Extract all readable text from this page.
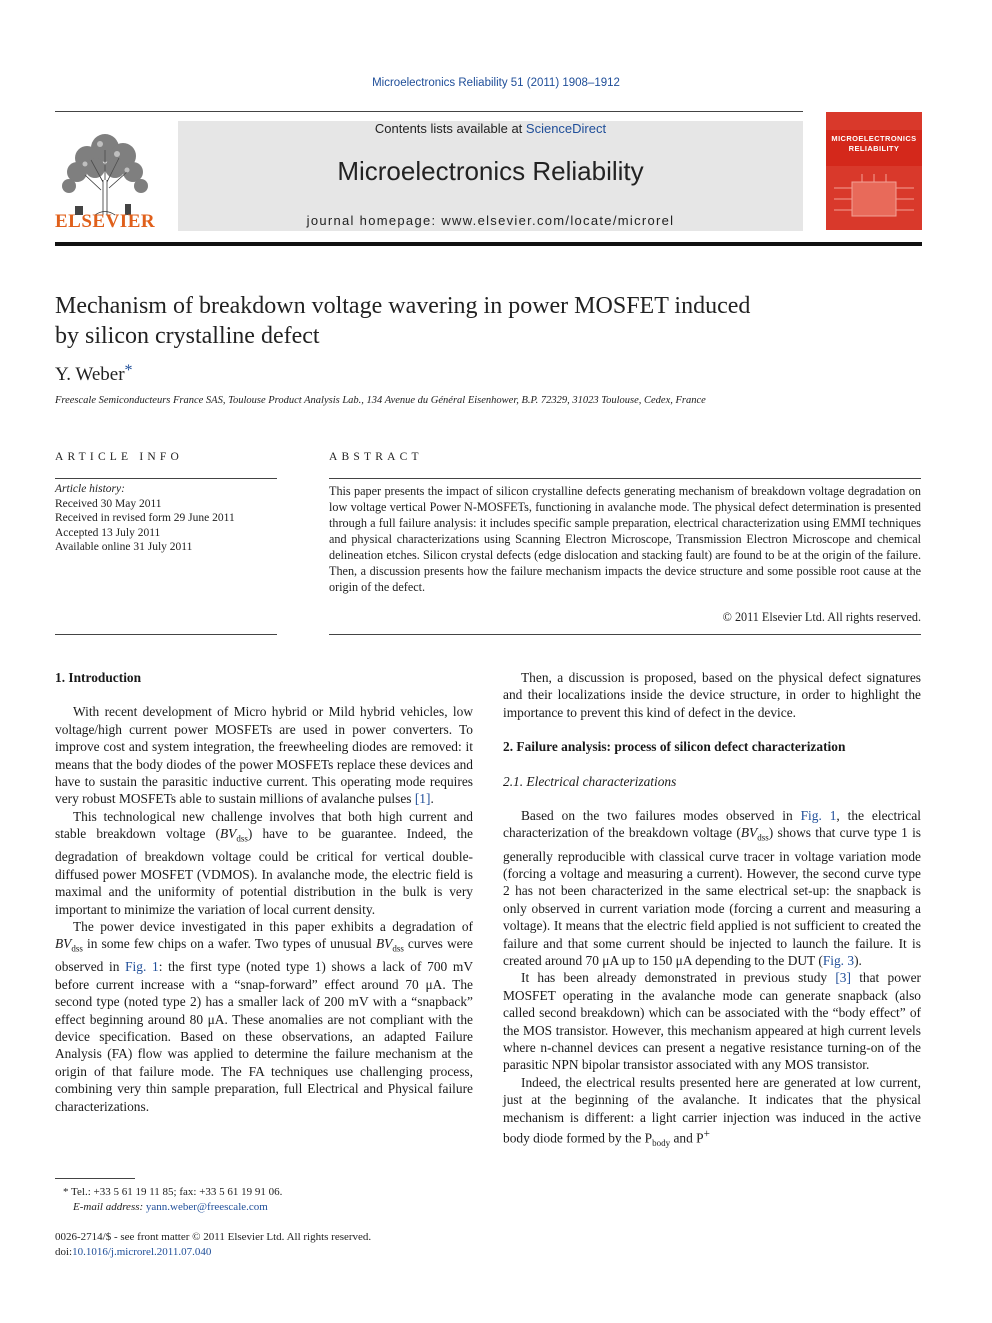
Microelectronics Reliability 51 (2011) 1908–1912
ELSEVIER
Contents lists available at ScienceDirect
Microelectronics Reliability
journal homepage: www.elsevier.com/locate/microrel
MICROELECTRONICS
RELIABILITY
Mechanism of breakdown voltage wavering in power MOSFET induced
by silicon crystalline defect
Y. Weber*
Freescale Semiconducteurs France SAS, Toulouse Product Analysis Lab., 134 Avenue du Général Eisenhower, B.P. 72329, 31023 Toulouse, Cedex, France
ARTICLE INFO
Article history:
Received 30 May 2011
Received in revised form 29 June 2011
Accepted 13 July 2011
Available online 31 July 2011
ABSTRACT
This paper presents the impact of silicon crystalline defects generating mechanism of breakdown voltage degradation on low voltage vertical Power N-MOSFETs, functioning in avalanche mode. The physical defect determination is presented through a full failure analysis: it includes specific sample preparation, electrical characterization using EMMI techniques and physical characterizations using Scanning Electron Microscope, Transmission Electron Microscope and chemical delineation etches. Silicon crystal defects (edge dislocation and stacking fault) are found to be at the origin of the failure. Then, a discussion presents how the failure mechanism impacts the device structure and some possible root cause at the origin of the defect.
© 2011 Elsevier Ltd. All rights reserved.
1. Introduction

With recent development of Micro hybrid or Mild hybrid vehicles, low voltage/high current power MOSFETs are used in power converters. To improve cost and system integration, the freewheeling diodes are removed: it means that the body diodes of the power MOSFETs replace these devices and have to sustain the parasitic inductive current. This operating mode requires very robust MOSFETs able to sustain millions of avalanche pulses [1].

This technological new challenge involves that both high current and stable breakdown voltage $(BV_{dss})$ have to be guarantee. Indeed, the degradation of breakdown voltage could be critical for vertical double-diffused power MOSFET (VDMOS). In avalanche mode, the electric field is maximal and the uniformity of potential distribution in the bulk is very important to minimize the variation of local current density.

The power device investigated in this paper exhibits a degradation of $BV_{dss}$ in some few chips on a wafer. Two types of unusual $BV_{dss}$ curves were observed in Fig. 1: the first type (noted type 1) shows a lack of 700 mV before current increase with a “snap-forward” effect around 70 μA. The second type (noted type 2) has a smaller lack of 200 mV with a “snapback” effect beginning around 80 μA. These anomalies are not compliant with the device specification. Based on these observations, an adapted Failure Analysis (FA) flow was applied to determine the failure mechanism at the origin of that failure mode. The FA techniques use challenging process, combining very thin sample preparation, full Electrical and Physical failure characterizations.

Then, a discussion is proposed, based on the physical defect signatures and their localizations inside the device structure, in order to highlight the importance to prevent this kind of defect in the device.

2. Failure analysis: process of silicon defect characterization
2.1. Electrical characterizations

Based on the two failures modes observed in Fig. 1, the electrical characterization of the breakdown voltage $(BV_{dss})$ shows that curve type 1 is generally reproducible with classical curve tracer in voltage variation mode (forcing a voltage and measuring a current). However, the second curve type 2 has not been characterized in the same electrical set-up: the snapback is only observed in current variation mode (forcing a current and measuring a voltage). It means that the electric field applied is not sufficient to created the failure and that some current should be injected to launch the failure. It is created around 70 μA up to 150 μA depending to the DUT (Fig. 3).

It has been already demonstrated in previous study [3] that power MOSFET operating in the avalanche mode can generate snapback (also called second breakdown) which can be associated with the “body effect” of the MOS transistor. However, this mechanism appeared at high current levels where n-channel devices can present a negative resistance turning-on of the parasitic NPN bipolar transistor associated with any MOS transistor.

Indeed, the electrical results presented here are generated at low current, just at the beginning of the avalanche. It indicates that the physical mechanism is different: a light carrier injection was induced in the active body diode formed by the $P_{body}$ and P+

* Tel.: +33 5 61 19 11 85; fax: +33 5 61 19 91 06.
E-mail address: yann.weber@freescale.com
0026-2714/$ - see front matter © 2011 Elsevier Ltd. All rights reserved.
doi:10.1016/j.microrel.2011.07.040
